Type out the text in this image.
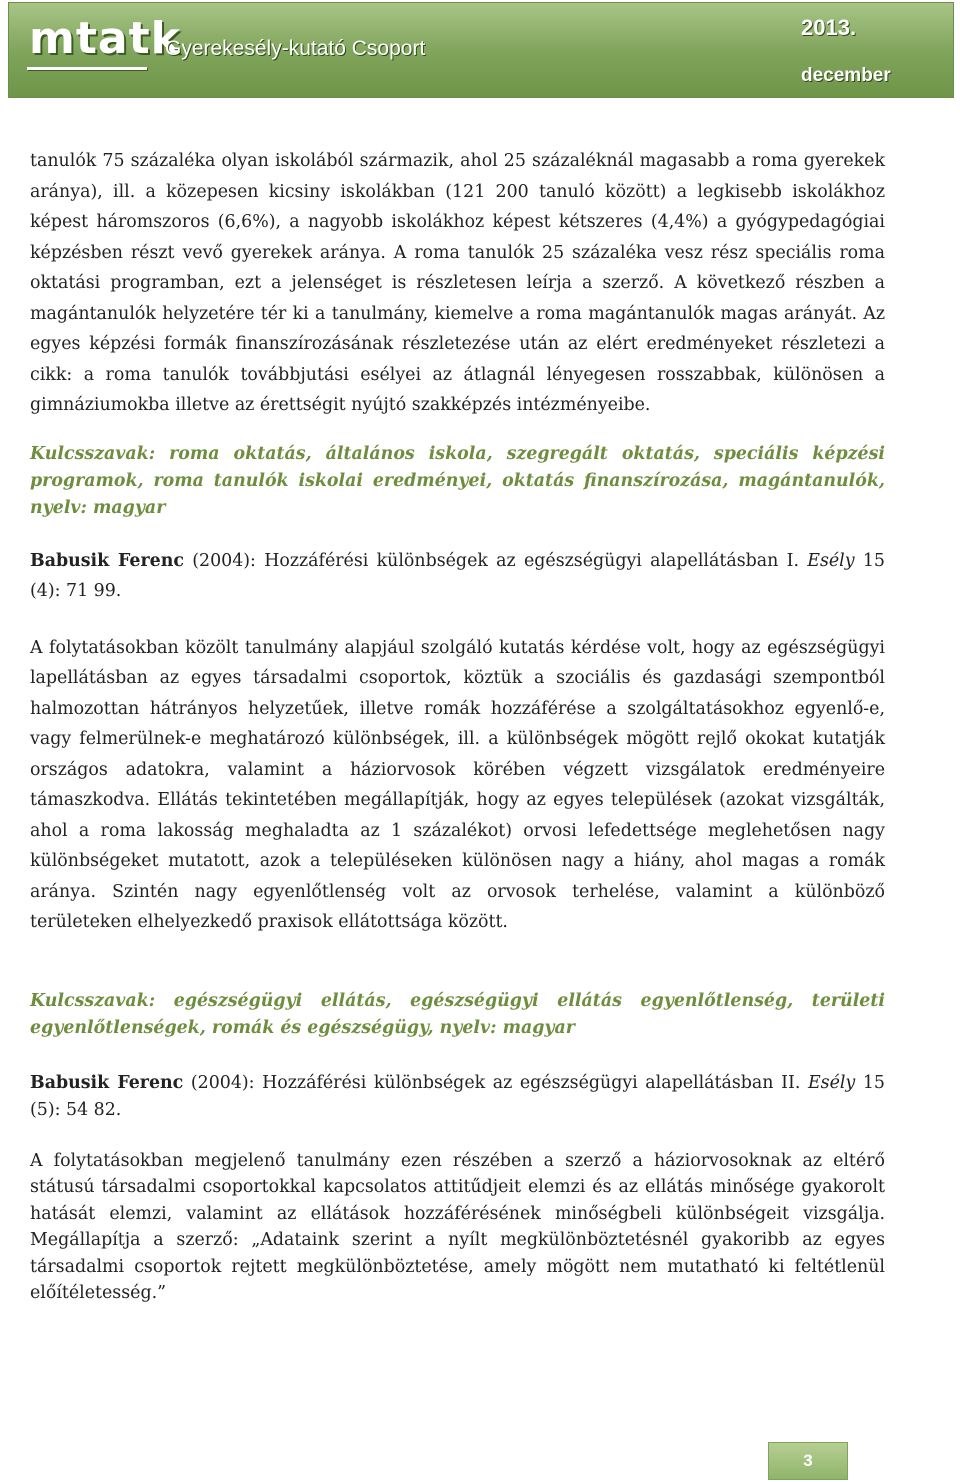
mtatk
Gyerekesély-kutató Csoport
2013.
december

tanulók 75 százaléka olyan iskolából származik, ahol 25 százaléknál magasabb a roma gyerekek aránya), ill. a közepesen kicsiny iskolákban (121 200 tanuló között) a legkisebb iskolákhoz képest háromszoros (6,6%), a nagyobb iskolákhoz képest kétszeres (4,4%) a gyógypedagógiai képzésben részt vevő gyerekek aránya. A roma tanulók 25 százaléka vesz rész speciális roma oktatási programban, ezt a jelenséget is részletesen leírja a szerző. A következő részben a magántanulók helyzetére tér ki a tanulmány, kiemelve a roma magántanulók magas arányát. Az egyes képzési formák finanszírozásának részletezése után az elért eredményeket részletezi a cikk: a roma tanulók továbbjutási esélyei az átlagnál lényegesen rosszabbak, különösen a gimnáziumokba illetve az érettségit nyújtó szakképzés intézményeibe.

Kulcsszavak: roma oktatás, általános iskola, szegregált oktatás, speciális képzési programok, roma tanulók iskolai eredményei, oktatás finanszírozása, magántanulók, nyelv: magyar

Babusik Ferenc (2004): Hozzáférési különbségek az egészségügyi alapellátásban I. Esély 15 (4): 71 99.

A folytatásokban közölt tanulmány alapjául szolgáló kutatás kérdése volt, hogy az egészségügyi lapellátásban az egyes társadalmi csoportok, köztük a szociális és gazdasági szempontból halmozottan hátrányos helyzetűek, illetve romák hozzáférése a szolgáltatásokhoz egyenlő-e, vagy felmerülnek-e meghatározó különbségek, ill. a különbségek mögött rejlő okokat kutatják országos adatokra, valamint a háziorvosok körében végzett vizsgálatok eredményeire támaszkodva. Ellátás tekintetében megállapítják, hogy az egyes települések (azokat vizsgálták, ahol a roma lakosság meghaladta az 1 százalékot) orvosi lefedettsége meglehetősen nagy különbségeket mutatott, azok a településeken különösen nagy a hiány, ahol magas a romák aránya. Szintén nagy egyenlőtlenség volt az orvosok terhelése, valamint a különböző területeken elhelyezkedő praxisok ellátottsága között.

Kulcsszavak: egészségügyi ellátás, egészségügyi ellátás egyenlőtlenség, területi egyenlőtlenségek, romák és egészségügy, nyelv: magyar

Babusik Ferenc (2004): Hozzáférési különbségek az egészségügyi alapellátásban II. Esély 15 (5): 54 82.

A folytatásokban megjelenő tanulmány ezen részében a szerző a háziorvosoknak az eltérő státusú társadalmi csoportokkal kapcsolatos attitűdjeit elemzi és az ellátás minősége gyakorolt hatását elemzi, valamint az ellátások hozzáférésének minőségbeli különbségeit vizsgálja. Megállapítja a szerző: „Adataink szerint a nyílt megkülönböztetésnél gyakoribb az egyes társadalmi csoportok rejtett megkülönböztetése, amely mögött nem mutatható ki feltétlenül előítéletesség.”

3
